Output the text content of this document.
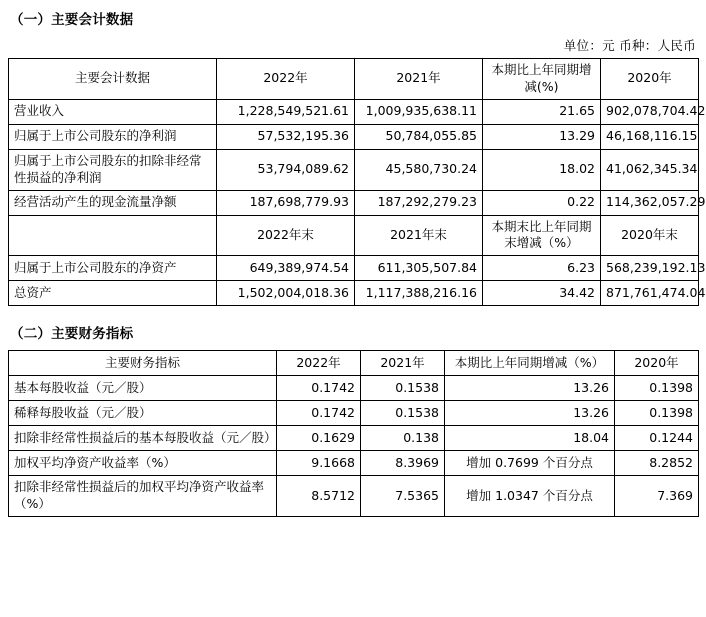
（一）主要会计数据
单位：元 币种：人民币
主要会计数据	2022年	2021年	本期比上年同期增减(%)	2020年
营业收入	1,228,549,521.61	1,009,935,638.11	21.65	902,078,704.42
归属于上市公司股东的净利润	57,532,195.36	50,784,055.85	13.29	46,168,116.15
归属于上市公司股东的扣除非经常性损益的净利润	53,794,089.62	45,580,730.24	18.02	41,062,345.34
经营活动产生的现金流量净额	187,698,779.93	187,292,279.23	0.22	114,362,057.29
	2022年末	2021年末	本期末比上年同期末增减（%）	2020年末
归属于上市公司股东的净资产	649,389,974.54	611,305,507.84	6.23	568,239,192.13
总资产	1,502,004,018.36	1,117,388,216.16	34.42	871,761,474.04
（二）主要财务指标
主要财务指标	2022年	2021年	本期比上年同期增减（%）	2020年
基本每股收益（元／股）	0.1742	0.1538	13.26	0.1398
稀释每股收益（元／股）	0.1742	0.1538	13.26	0.1398
扣除非经常性损益后的基本每股收益（元／股）	0.1629	0.138	18.04	0.1244
加权平均净资产收益率（%）	9.1668	8.3969	增加 0.7699 个百分点	8.2852
扣除非经常性损益后的加权平均净资产收益率（%）	8.5712	7.5365	增加 1.0347 个百分点	7.369
